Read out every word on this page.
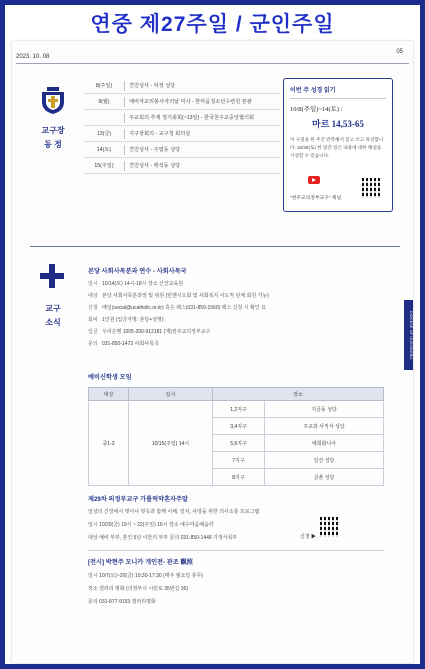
연중 제27주일 / 군인주일
2023. 10. 08
05
교구장
동 정
8(주일)	견진성사 - 덕정 성당
9(월)	예비자교리봉사자의날 미사 - 한마음청소년수련원 본관
주교회의 추계 정기총회(~13일) - 한국천주교중앙협의회
13(금)	지구장회의 - 교구청 회의실
14(토)	견진성사 - 주엽동 성당
15(주일)	견진성사 - 백석동 성당
이번 주 성경 읽기
10/8(주일)~14(토) :
마르 14,53-65
이 구절을 한 주간 반복해서 읽고 쓰고 묵상합니다. 10/28(토) 한 달간 읽은 내용에 대한 해설을 시청할 수 있습니다.
"천주교의정부교구" 채널
교구
소식	DIOCESE OF UIJEONGBU
본당 사회사목분과 연수 - 사회사목국
일시 10/14(토) 14시-18시 장소 신앙교육원
대상 본당 사회사목분과장 및 위원 (빈첸시오회 및 사회복지 사도직 단체 회원 가능)
신청 메일(social@ucatholic.or.kr) 혹은 팩스(031-850-1560) 팩스 신청 시 확인 요
회비 1인원 (입금자명: 본당+성명)
입금 우리은행 1005-200-912181 (재)천주교의정부교구
문의 031-850-1472 사회사목국
예비신학생 모임
대상	일시	장소	
중1-3	10/15(주일) 14시	1,2지구	지금동 성당
		3,4지구	주교좌 사직서 성당
		5,6지구	예희화니아
		7지구	일산 성당
		8지구	금촌 성당
제29차 의정부교구 가톨릭약혼자주말
일상의 긴장에서 벗어나 빗속과 함께 이해, 일치, 사랑을 위한 의사소통 프로그램
일시 10/20(금) 19시 ~ 22(주일) 16시 장소 예수마음배움터
대상 예비 부부, 혼인 5년 이만의 부부 문의 031-850-1448 가정사목부	신청 ▶
[전시] 박현주 모니카 개인전- 관조 觀照
일시 10/7(토)~20(금) 10:30-17:30 (매주 월요일 휴무)
장소 갤러리 평화 (의정부시 시민로 35번길 36)
문의 031-877-9153 갤러리평화
